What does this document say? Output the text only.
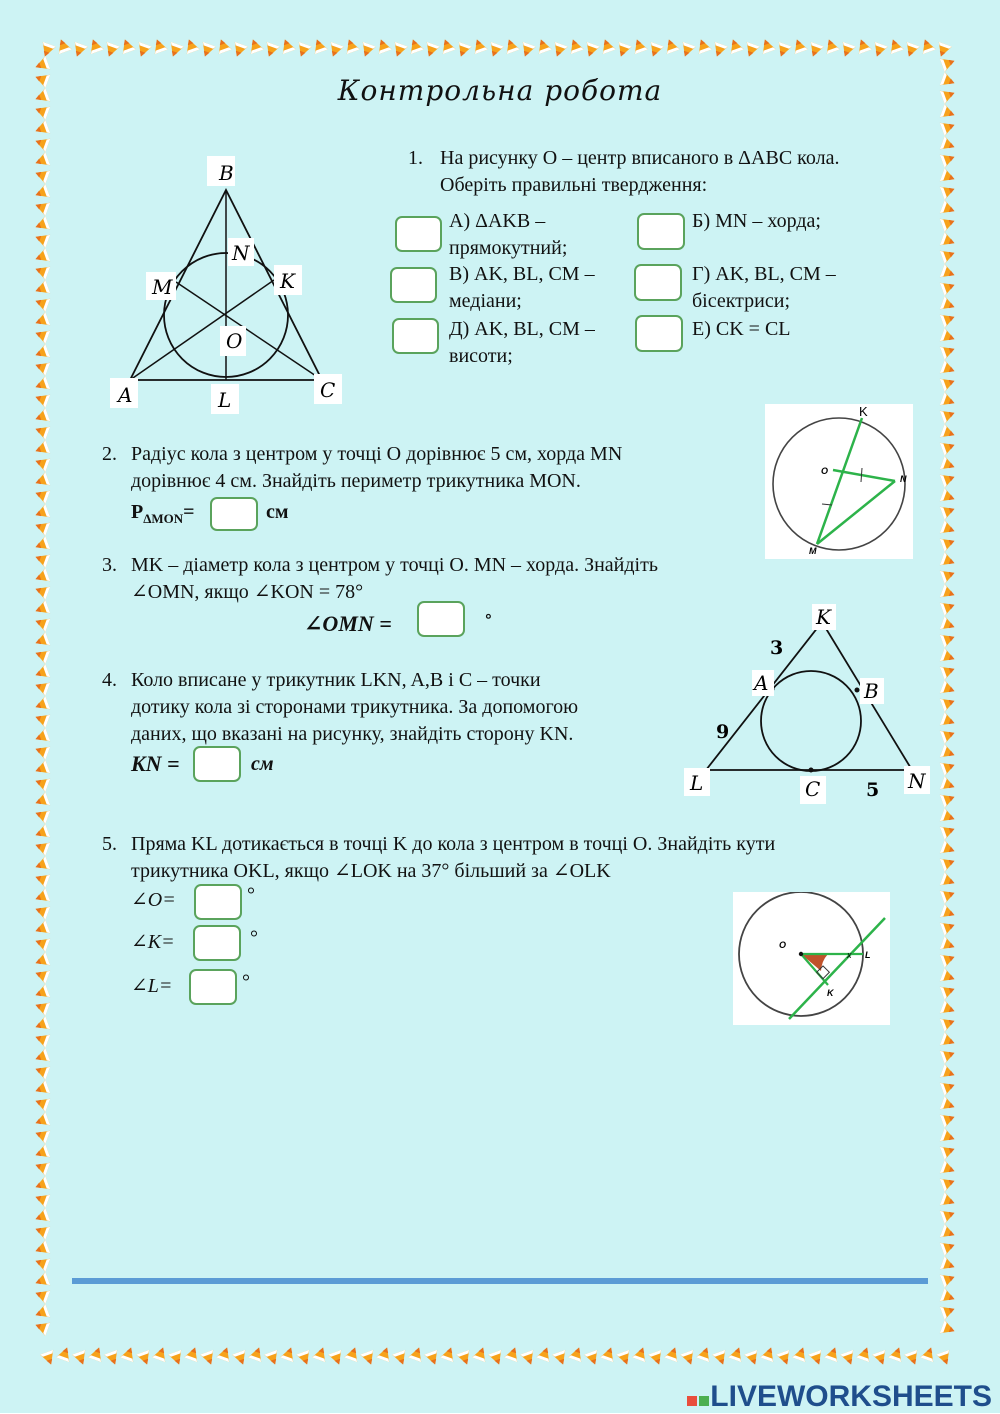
Контрольна робота
1. На рисунку O – центр вписаного в ΔABC кола.
Оберіть правильні твердження:
А) ΔAKB –
прямокутний;
Б) MN – хорда;
В) AK, BL, CM –
медіани;
Г) AK, BL, CM –
бісектриси;
Д) AK, BL, CM –
висоти;
Е) CK = CL
B
N
M	K
O
A	L	C
2. Радіус кола з центром у точці O дорівнює 5 см, хорда MN
дорівнює 4 см. Знайдіть периметр трикутника MON.
$P_{\Delta MON}=$	см
K
O
N
M
3. MK – діаметр кола з центром у точці O. MN – хорда. Знайдіть
∠OMN, якщо ∠KON = 78°
∠OMN =	∘
4. Коло вписане у трикутник LKN, A,B і C – точки
дотику кола зі сторонами трикутника. За допомогою
даних, що вказані на рисунку, знайдіть сторону KN.
KN =	см
K
A	B
L	C	N
3
9
5
5. Пряма KL дотикається в точці K до кола з центром в точці O. Знайдіть кути
трикутника OKL, якщо ∠LOK на 37° більший за ∠OLK
∠O=	°
∠K=	°
∠L=	°
O
x L
K
LIVEWORKSHEETS
